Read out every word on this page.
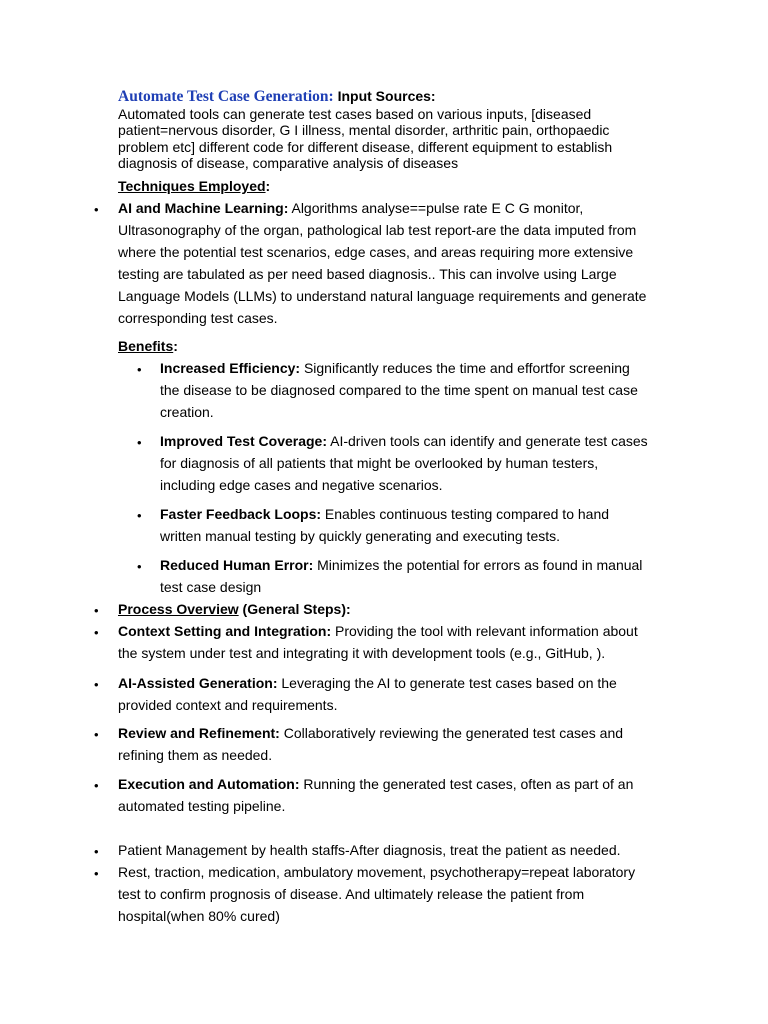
Automate Test Case Generation: Input Sources:
Automated tools can generate test cases based on various inputs, [diseased patient=nervous disorder, G I illness, mental disorder, arthritic pain, orthopaedic problem etc] different code for different disease, different equipment to establish diagnosis of disease, comparative analysis of diseases
Techniques Employed:
• AI and Machine Learning: Algorithms analyse==pulse rate E C G monitor, Ultrasonography of the organ, pathological lab test report-are the data imputed from where the potential test scenarios, edge cases, and areas requiring more extensive testing are tabulated as per need based diagnosis.. This can involve using Large Language Models (LLMs) to understand natural language requirements and generate corresponding test cases.
Benefits:
• Increased Efficiency: Significantly reduces the time and effortfor screening the disease to be diagnosed compared to the time spent on manual test case creation.
• Improved Test Coverage: AI-driven tools can identify and generate test cases for diagnosis of all patients that might be overlooked by human testers, including edge cases and negative scenarios.
• Faster Feedback Loops: Enables continuous testing compared to hand written manual testing by quickly generating and executing tests.
• Reduced Human Error: Minimizes the potential for errors as found in manual test case design
• Process Overview (General Steps):
• Context Setting and Integration: Providing the tool with relevant information about the system under test and integrating it with development tools (e.g., GitHub, ).
• AI-Assisted Generation: Leveraging the AI to generate test cases based on the provided context and requirements.
• Review and Refinement: Collaboratively reviewing the generated test cases and refining them as needed.
• Execution and Automation: Running the generated test cases, often as part of an automated testing pipeline.
• Patient Management by health staffs-After diagnosis, treat the patient as needed.
• Rest, traction, medication, ambulatory movement, psychotherapy=repeat laboratory test to confirm prognosis of disease. And ultimately release the patient from hospital(when 80% cured)
